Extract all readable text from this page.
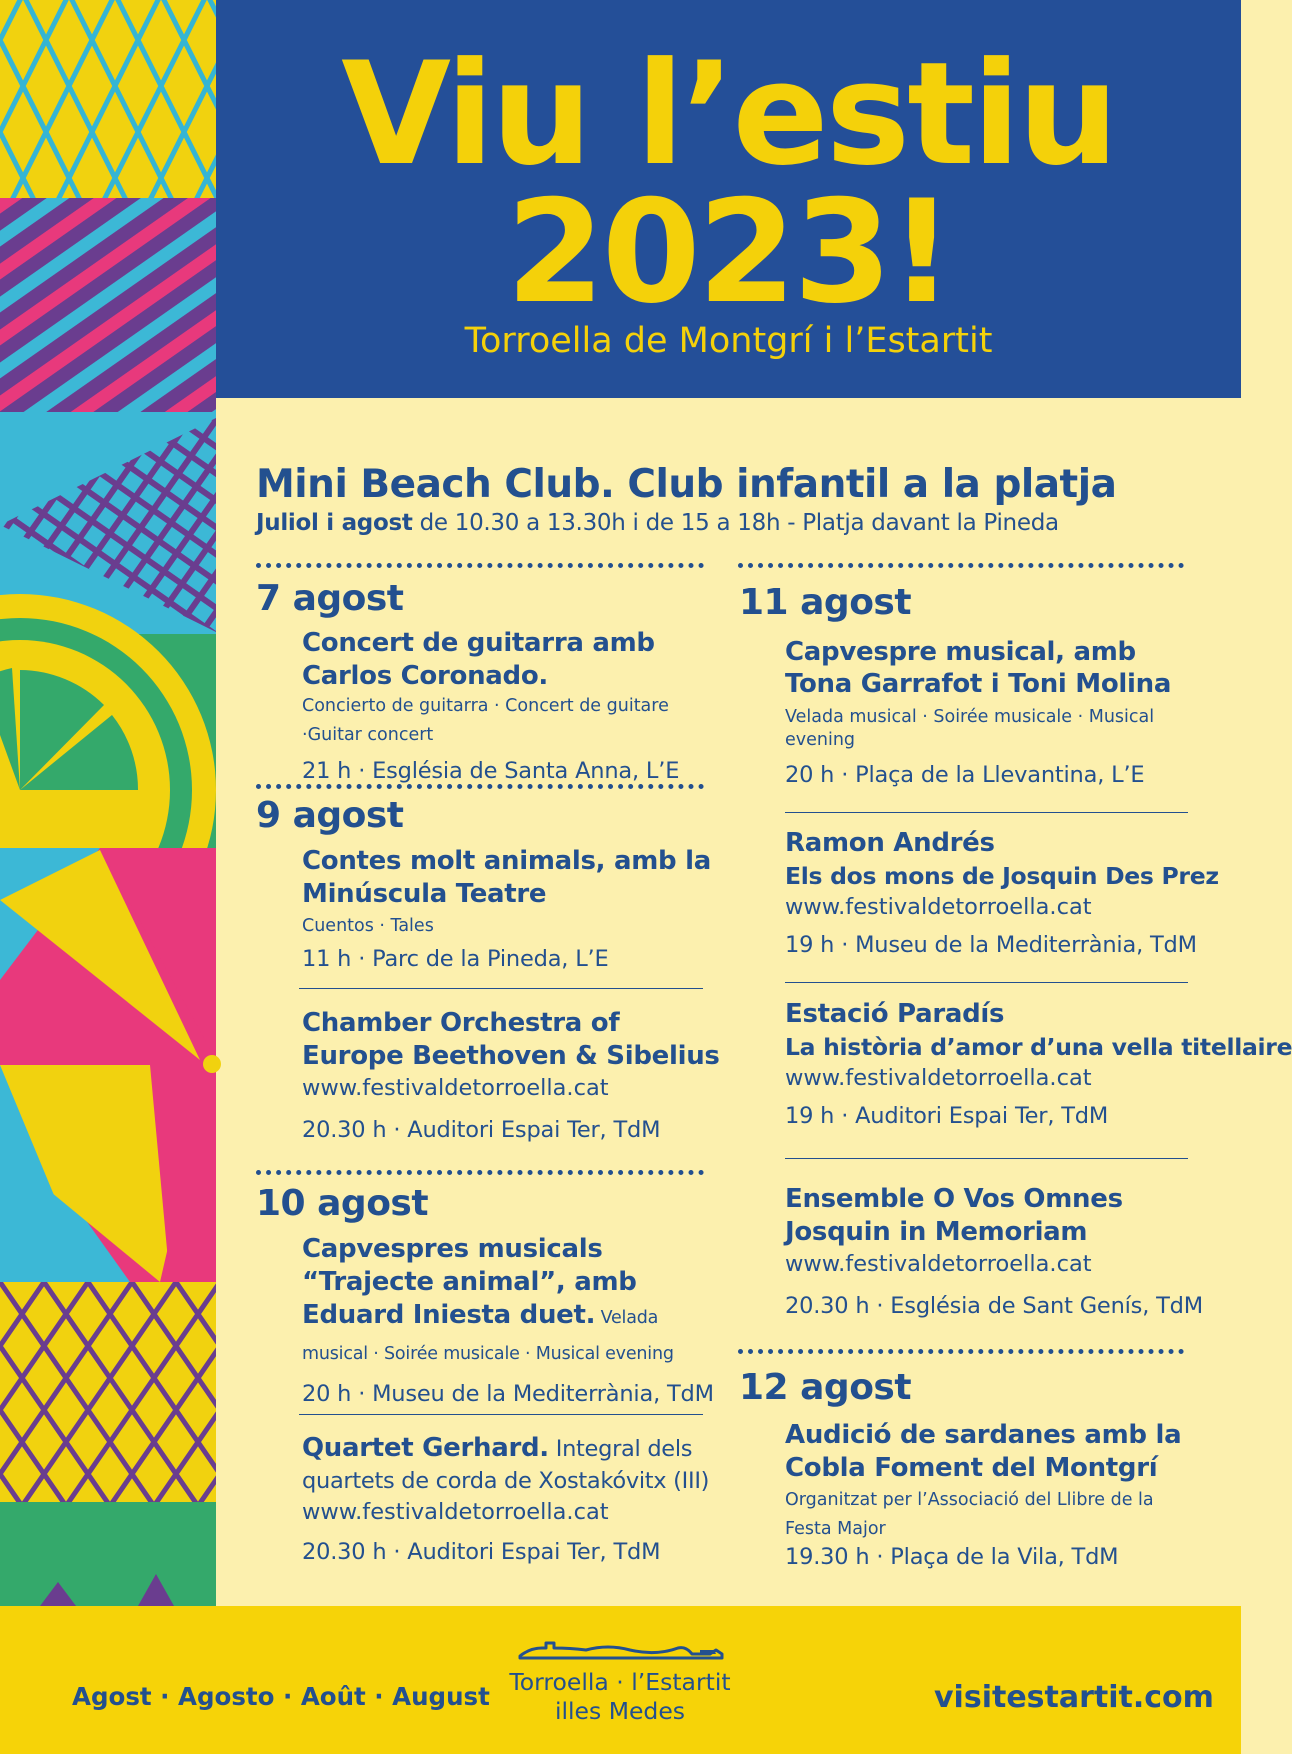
Viu l’estiu
2023!
Torroella de Montgrí i l’Estartit
Mini Beach Club. Club infantil a la platja
Juliol i agost de 10.30 a 13.30h i de 15 a 18h - Platja davant la Pineda
7 agost
Concert de guitarra amb Carlos Coronado.
Concierto de guitarra · Concert de guitare ·Guitar concert
21 h · Església de Santa Anna, L’E
9 agost
Contes molt animals, amb la Minúscula Teatre
Cuentos · Tales
11 h · Parc de la Pineda, L’E
Chamber Orchestra of Europe Beethoven & Sibelius
www.festivaldetorroella.cat
20.30 h · Auditori Espai Ter, TdM
10 agost
Capvespres musicals “Trajecte animal”, amb Eduard Iniesta duet. Velada musical · Soirée musicale · Musical evening
20 h · Museu de la Mediterrània, TdM
Quartet Gerhard. Integral dels quartets de corda de Xostakóvitx (III)
www.festivaldetorroella.cat
20.30 h · Auditori Espai Ter, TdM
11 agost
Capvespre musical, amb Tona Garrafot i Toni Molina
Velada musical · Soirée musicale · Musical evening
20 h · Plaça de la Llevantina, L’E
Ramon Andrés
Els dos mons de Josquin Des Prez
www.festivaldetorroella.cat
19 h · Museu de la Mediterrània, TdM
Estació Paradís
La història d’amor d’una vella titellaire
www.festivaldetorroella.cat
19 h · Auditori Espai Ter, TdM
Ensemble O Vos Omnes Josquin in Memoriam
www.festivaldetorroella.cat
20.30 h · Església de Sant Genís, TdM
12 agost
Audició de sardanes amb la Cobla Foment del Montgrí
Organitzat per l’Associació del Llibre de la Festa Major
19.30 h · Plaça de la Vila, TdM
Agost · Agosto · Août · August Torroella · l’Estartit
illes Medes	visitestartit.com
